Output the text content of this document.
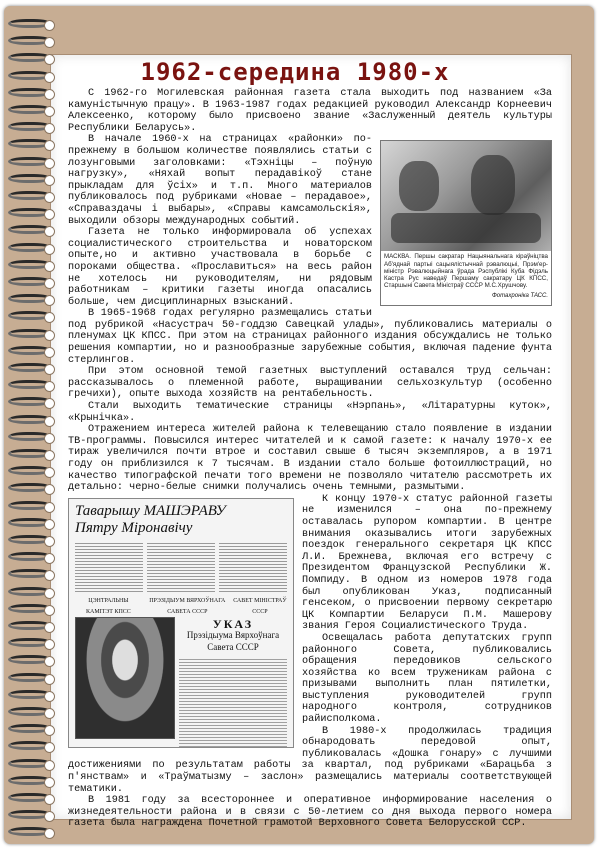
1962-середина 1980-х

С 1962-го Могилевская районная газета стала выходить под названием «За камуністычную працу». В 1963-1987 годах редакцией руководил Александр Корнеевич Алексеенко, которому было присвоено звание «Заслуженный деятель культуры Республики Беларусь».

МАСКВА. Першы сакратар Нацыянальнага кіраўніцтва Аб'яднай партыі сацыялістычнай рэвалюцыі, Прэм'ер-міністр Рэвалюцыйнага ўрада Рэспублікі Куба Фідэль Кастра Рус наведаў Першаму сакратару ЦК КПСС, Старшыні Савета Міністраў СССР М.С.Хрушчову.
Фотахроніка ТАСС.

В начале 1960-х на страницах «районки» по-прежнему в большом количестве появлялись статьи с лозунговыми заголовками: «Тэхніцы – поўную нагрузку», «Няхай вопыт перадавікоў стане прыкладам для ўсіх» и т.п. Много материалов публиковалось под рубриками «Новае – перадавое», «Справаздачы і выбары», «Справы камсамольскія», выходили обзоры международных событий.

Газета не только информировала об успехах социалистического строительства и новаторском опыте,но и активно участвовала в борьбе с пороками общества. «Прославиться» на весь район не хотелось ни руководителям, ни рядовым работникам – критики газеты иногда опасались больше, чем дисциплинарных взысканий.

В 1965-1968 годах регулярно размещались статьи под рубрикой «Насустрач 50-годдзю Савецкай улады», публиковались материалы о пленумах ЦК КПСС. При этом на страницах районного издания обсуждались не только решения компартии, но и разнообразные зарубежные события, включая падение фунта стерлингов.

При этом основной темой газетных выступлений оставался труд сельчан: рассказывалось о племенной работе, выращивании сельхозкультур (особенно гречихи), опыте выхода хозяйств на рентабельность.

Стали выходить тематические страницы «Нэрпань», «Літаратурны куток», «Крынічка».

Отражением интереса жителей района к телевещанию стало появление в издании ТВ-программы. Повысился интерес читателей и к самой газете: к началу 1970-х ее тираж увеличился почти втрое и составил свыше 6 тысяч экземпляров, а в 1971 году он приблизился к 7 тысячам. В издании стало больше фотоиллюстраций, но качество типографской печати того времени не позволяло читателю рассмотреть их детально: черно-белые снимки получались очень темными, размытыми.

Таварышу МАШЭРАВУ
Пятру Міронавічу
ЦЭНТРАЛЬНЫ КАМІТЭТ КПСС
ПРЭЗІДЫУМ ВЯРХОЎНАГА САВЕТА СССР
САВЕТ МІНІСТРАЎ СССР
УКАЗ
Прэзідыума Вярхоўнага Савета СССР

К концу 1970-х статус районной газеты не изменился – она по-прежнему оставалась рупором компартии. В центре внимания оказывались итоги зарубежных поездок генерального секретаря ЦК КПСС Л.И. Брежнева, включая его встречу с Президентом Французской Республики Ж. Помпиду. В одном из номеров 1978 года был опубликован Указ, подписанный генсеком, о присвоении первому секретарю ЦК Компартии Беларуси П.М. Машерову звания Героя Социалистического Труда.

Освещалась работа депутатских групп районного Совета, публиковались обращения передовиков сельского хозяйства ко всем труженикам района с призывами выполнить план пятилетки, выступления руководителей групп народного контроля, сотрудников райисполкома.

В 1980-х продолжилась традиция обнародовать передовой опыт, публиковалась «Дошка гонару» с лучшими достижениями по результатам работы за квартал, под рубриками «Барацьба з п'янствам» и «Траўматызму – заслон» размещались материалы соответствующей тематики.

В 1981 году за всестороннее и оперативное информирование населения о жизнедеятельности района и в связи с 50-летием со дня выхода первого номера газета была награждена Почетной грамотой Верховного Совета Белорусской ССР.
